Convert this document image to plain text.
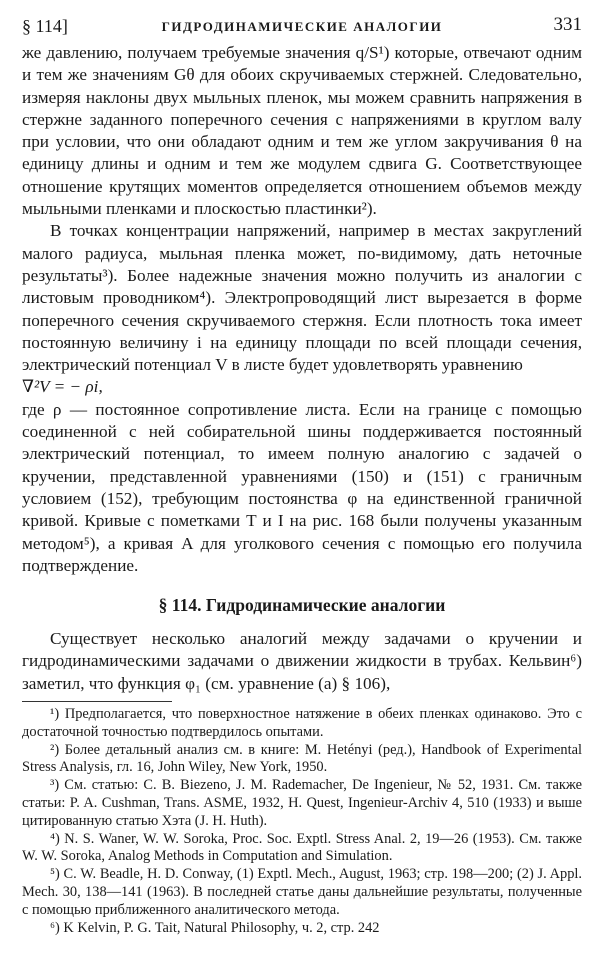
§ 114]	ГИДРОДИНАМИЧЕСКИЕ АНАЛОГИИ	331

же давлению, получаем требуемые значения q/S¹) которые, отвечают одним и тем же значениям Gθ для обоих скручиваемых стержней. Следовательно, измеряя наклоны двух мыльных пленок, мы можем сравнить напряжения в стержне заданного поперечного сечения с напряжениями в круглом валу при условии, что они обладают одним и тем же углом закручивания θ на единицу длины и одним и тем же модулем сдвига G. Соответствующее отношение крутящих моментов определяется отношением объемов между мыльными пленками и плоскостью пластинки²).

В точках концентрации напряжений, например в местах закруглений малого радиуса, мыльная пленка может, по-видимому, дать неточные результаты³). Более надежные значения можно получить из аналогии с листовым проводником⁴). Электропроводящий лист вырезается в форме поперечного сечения скручиваемого стержня. Если плотность тока имеет постоянную величину i на единицу площади по всей площади сечения, электрический потенциал V в листе будет удовлетворять уравнению

∇²V = − ρi,

где ρ — постоянное сопротивление листа. Если на границе с помощью соединенной с ней собирательной шины поддерживается постоянный электрический потенциал, то имеем полную аналогию с задачей о кручении, представленной уравнениями (150) и (151) с граничным условием (152), требующим постоянства φ на единственной граничной кривой. Кривые с пометками T и I на рис. 168 были получены указанным методом⁵), а кривая A для уголкового сечения с помощью его получила подтверждение.

§ 114. Гидродинамические аналогии

Существует несколько аналогий между задачами о кручении и гидродинамическими задачами о движении жидкости в трубах. Кельвин⁶) заметил, что функция φ₁ (см. уравнение (а) § 106),

¹) Предполагается, что поверхностное натяжение в обеих пленках одинаково. Это с достаточной точностью подтвердилось опытами.

²) Более детальный анализ см. в книге: M. Hetényi (ред.), Handbook of Experimental Stress Analysis, гл. 16, John Wiley, New York, 1950.

³) См. статью: C. B. Biezeno, J. M. Rademacher, De Ingenieur, № 52, 1931. См. также статьи: P. A. Cushman, Trans. ASME, 1932, H. Quest, Ingenieur-Archiv 4, 510 (1933) и выше цитированную статью Хэта (J. H. Huth).

⁴) N. S. Waner, W. W. Soroka, Proc. Soc. Exptl. Stress Anal. 2, 19—26 (1953). См. также W. W. Soroka, Analog Methods in Computation and Simulation.

⁵) C. W. Beadle, H. D. Conway, (1) Exptl. Mech., August, 1963; стр. 198—200; (2) J. Appl. Mech. 30, 138—141 (1963). В последней статье даны дальнейшие результаты, полученные с помощью приближенного аналитического метода.

⁶) K Kelvin, P. G. Tait, Natural Philosophy, ч. 2, стр. 242
